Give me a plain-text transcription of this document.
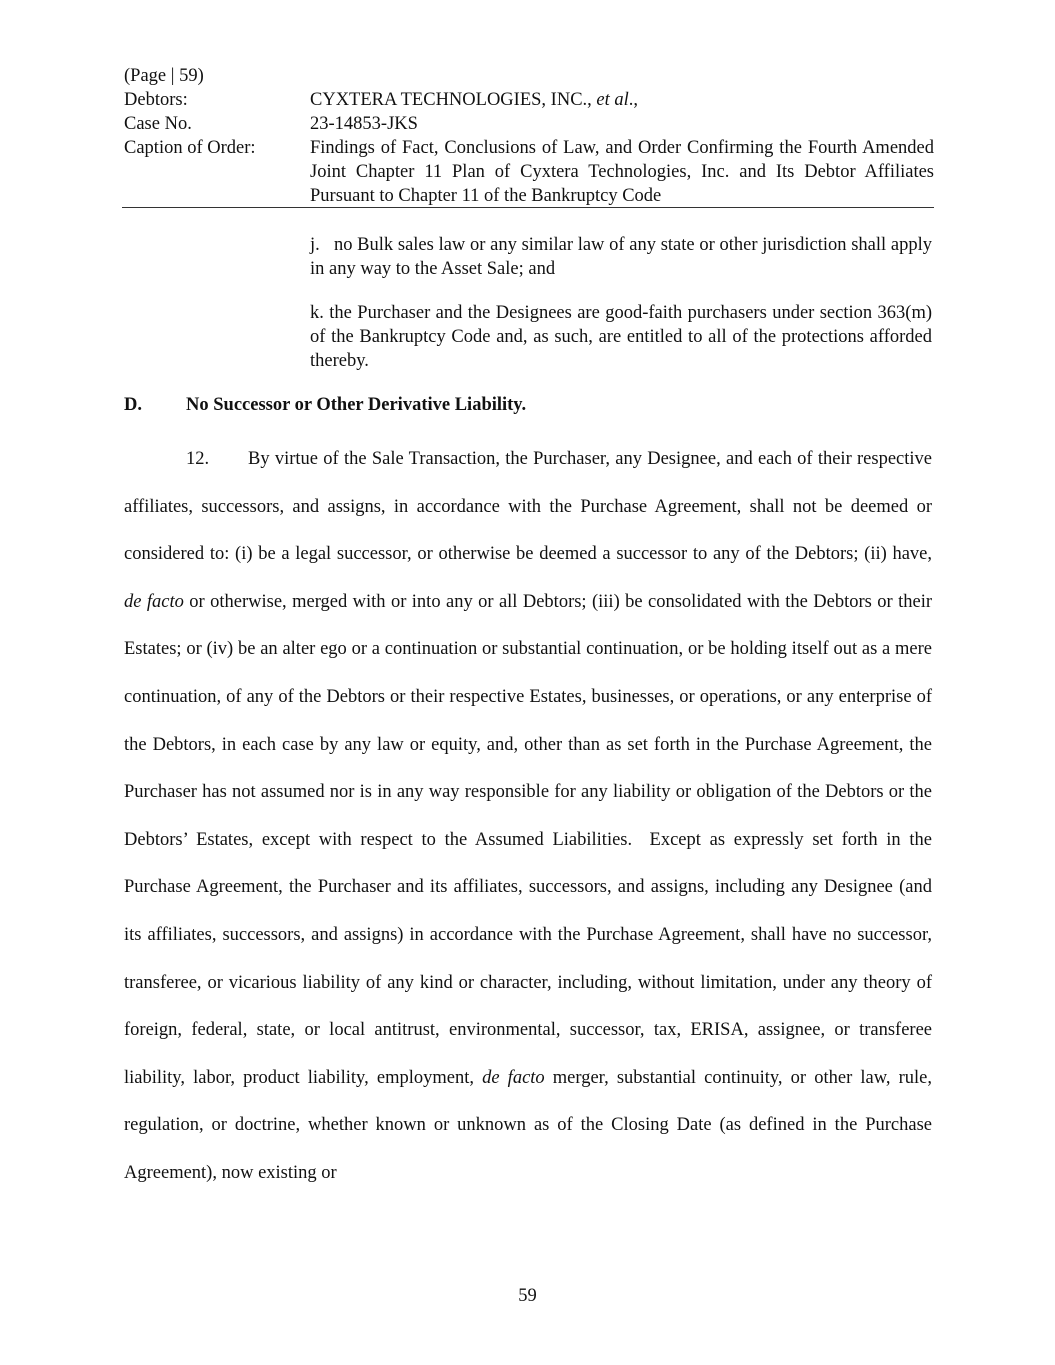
(Page | 59)
Debtors:	CYXTERA TECHNOLOGIES, INC., et al.,
Case No.	23-14853-JKS
Caption of Order:	Findings of Fact, Conclusions of Law, and Order Confirming the Fourth Amended Joint Chapter 11 Plan of Cyxtera Technologies, Inc. and Its Debtor Affiliates Pursuant to Chapter 11 of the Bankruptcy Code

j.   no Bulk sales law or any similar law of any state or other jurisdiction shall apply in any way to the Asset Sale; and

k. the Purchaser and the Designees are good-faith purchasers under section 363(m) of the Bankruptcy Code and, as such, are entitled to all of the protections afforded thereby.

D. No Successor or Other Derivative Liability.
12. By virtue of the Sale Transaction, the Purchaser, any Designee, and each of their respective affiliates, successors, and assigns, in accordance with the Purchase Agreement, shall not be deemed or considered to: (i) be a legal successor, or otherwise be deemed a successor to any of the Debtors; (ii) have, de facto or otherwise, merged with or into any or all Debtors; (iii) be consolidated with the Debtors or their Estates; or (iv) be an alter ego or a continuation or substantial continuation, or be holding itself out as a mere continuation, of any of the Debtors or their respective Estates, businesses, or operations, or any enterprise of the Debtors, in each case by any law or equity, and, other than as set forth in the Purchase Agreement, the Purchaser has not assumed nor is in any way responsible for any liability or obligation of the Debtors or the Debtors’ Estates, except with respect to the Assumed Liabilities.  Except as expressly set forth in the Purchase Agreement, the Purchaser and its affiliates, successors, and assigns, including any Designee (and its affiliates, successors, and assigns) in accordance with the Purchase Agreement, shall have no successor, transferee, or vicarious liability of any kind or character, including, without limitation, under any theory of foreign, federal, state, or local antitrust, environmental, successor, tax, ERISA, assignee, or transferee liability, labor, product liability, employment, de facto merger, substantial continuity, or other law, rule, regulation, or doctrine, whether known or unknown as of the Closing Date (as defined in the Purchase Agreement), now existing or
59
